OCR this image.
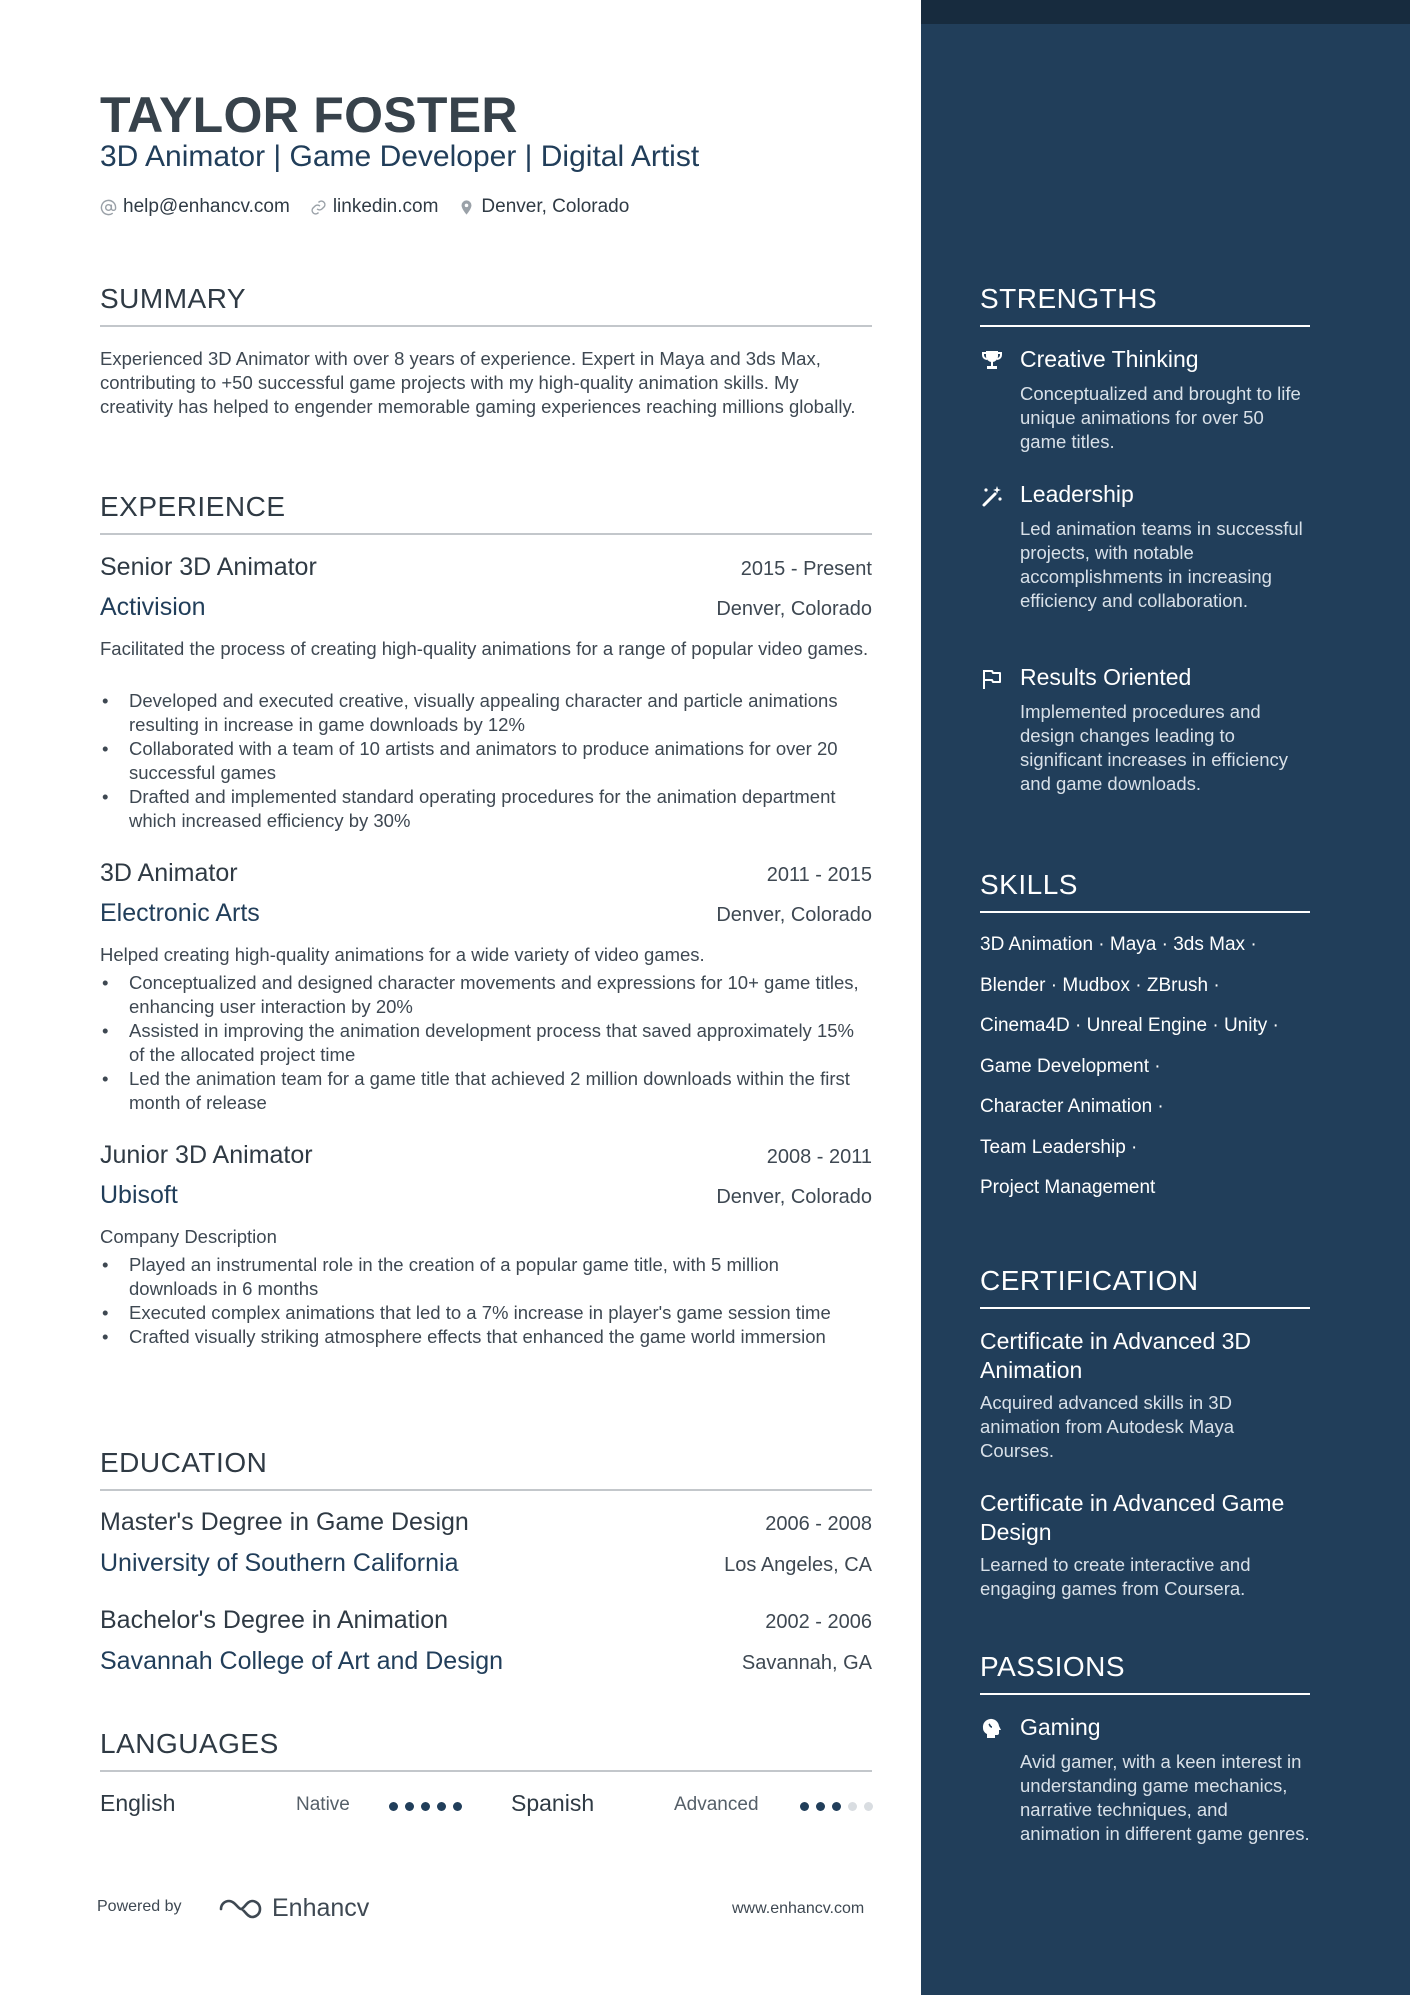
TAYLOR FOSTER
3D Animator | Game Developer | Digital Artist
help@enhancv.com linkedin.com Denver, Colorado
SUMMARY
Experienced 3D Animator with over 8 years of experience. Expert in Maya and 3ds Max, contributing to +50 successful game projects with my high-quality animation skills. My creativity has helped to engender memorable gaming experiences reaching millions globally.
EXPERIENCE
Senior 3D Animator	2015 - Present
Activision	Denver, Colorado
Facilitated the process of creating high-quality animations for a range of popular video games.
• Developed and executed creative, visually appealing character and particle animations resulting in increase in game downloads by 12%
• Collaborated with a team of 10 artists and animators to produce animations for over 20 successful games
• Drafted and implemented standard operating procedures for the animation department which increased efficiency by 30%
3D Animator	2011 - 2015
Electronic Arts	Denver, Colorado
Helped creating high-quality animations for a wide variety of video games.
• Conceptualized and designed character movements and expressions for 10+ game titles, enhancing user interaction by 20%
• Assisted in improving the animation development process that saved approximately 15% of the allocated project time
• Led the animation team for a game title that achieved 2 million downloads within the first month of release
Junior 3D Animator	2008 - 2011
Ubisoft	Denver, Colorado
Company Description
• Played an instrumental role in the creation of a popular game title, with 5 million downloads in 6 months
• Executed complex animations that led to a 7% increase in player's game session time
• Crafted visually striking atmosphere effects that enhanced the game world immersion
EDUCATION
Master's Degree in Game Design	2006 - 2008
University of Southern California	Los Angeles, CA
Bachelor's Degree in Animation	2002 - 2006
Savannah College of Art and Design	Savannah, GA
LANGUAGES
English	Native	Spanish	Advanced
Powered by	Enhancv	www.enhancv.com
STRENGTHS
Creative Thinking
Conceptualized and brought to life unique animations for over 50 game titles.
Leadership
Led animation teams in successful projects, with notable accomplishments in increasing efficiency and collaboration.
Results Oriented
Implemented procedures and design changes leading to significant increases in efficiency and game downloads.
SKILLS
3D Animation · Maya · 3ds Max ·
Blender · Mudbox · ZBrush ·
Cinema4D · Unreal Engine · Unity ·
Game Development ·
Character Animation ·
Team Leadership ·
Project Management
CERTIFICATION
Certificate in Advanced 3D Animation
Acquired advanced skills in 3D animation from Autodesk Maya Courses.
Certificate in Advanced Game Design
Learned to create interactive and engaging games from Coursera.
PASSIONS
Gaming
Avid gamer, with a keen interest in understanding game mechanics, narrative techniques, and animation in different game genres.
